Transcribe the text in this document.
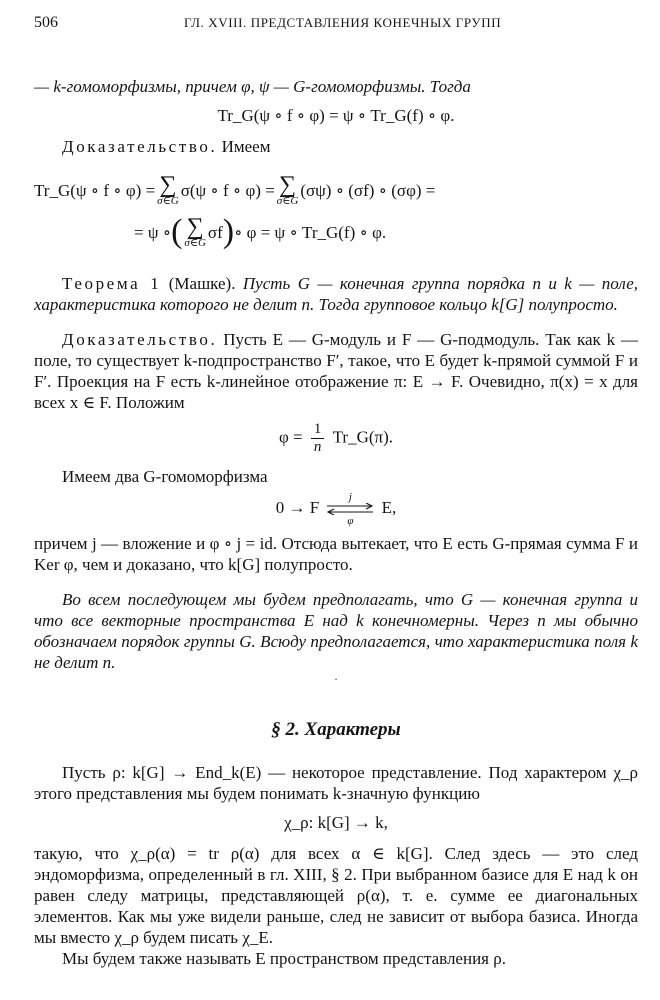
506	ГЛ. XVIII. ПРЕДСТАВЛЕНИЯ КОНЕЧНЫХ ГРУПП

— k-гомоморфизмы, причем φ, ψ — G-гомоморфизмы. Тогда

Tr_G(ψ ∘ f ∘ φ) = ψ ∘ Tr_G(f) ∘ φ.

Доказательство. Имеем

Tr_G(ψ ∘ f ∘ φ) = ∑
σ∈G
σ(ψ ∘ f ∘ φ) = ∑
σ∈G
(σψ) ∘ (σf) ∘ (σφ) =
= ψ ∘ ( ∑
σ∈G
σf ) ∘ φ = ψ ∘ Tr_G(f) ∘ φ.

Теорема 1 (Машке). Пусть G — конечная группа порядка n и k — поле, характеристика которого не делит n. Тогда групповое кольцо k[G] полупросто.

Доказательство. Пусть E — G-модуль и F — G-подмодуль. Так как k — поле, то существует k-подпространство F′, такое, что E будет k-прямой суммой F и F′. Проекция на F есть k-линейное отображение π: E → F. Очевидно, π(x) = x для всех x ∈ F. Положим

$\varphi = \frac{1}{n}$ Tr_G(π).

Имеем два G-гомоморфизма

0 → F
j
φ
E,

причем j — вложение и φ ∘ j = id. Отсюда вытекает, что E есть G-прямая сумма F и Ker φ, чем и доказано, что k[G] полупросто.

Во всем последующем мы будем предполагать, что G — конечная группа и что все векторные пространства E над k конечномерны. Через n мы обычно обозначаем порядок группы G. Всюду предполагается, что характеристика поля k не делит n.

·
§ 2. Характеры

Пусть ρ: k[G] → End_k(E) — некоторое представление. Под характером χ_ρ этого представления мы будем понимать k-значную функцию

χ_ρ: k[G] → k,

такую, что χ_ρ(α) = tr ρ(α) для всех α ∈ k[G]. След здесь — это след эндоморфизма, определенный в гл. XIII, § 2. При выбранном базисе для E над k он равен следу матрицы, представляющей ρ(α), т. е. сумме ее диагональных элементов. Как мы уже видели раньше, след не зависит от выбора базиса. Иногда мы вместо χ_ρ будем писать χ_E.

Мы будем также называть E пространством представления ρ.
